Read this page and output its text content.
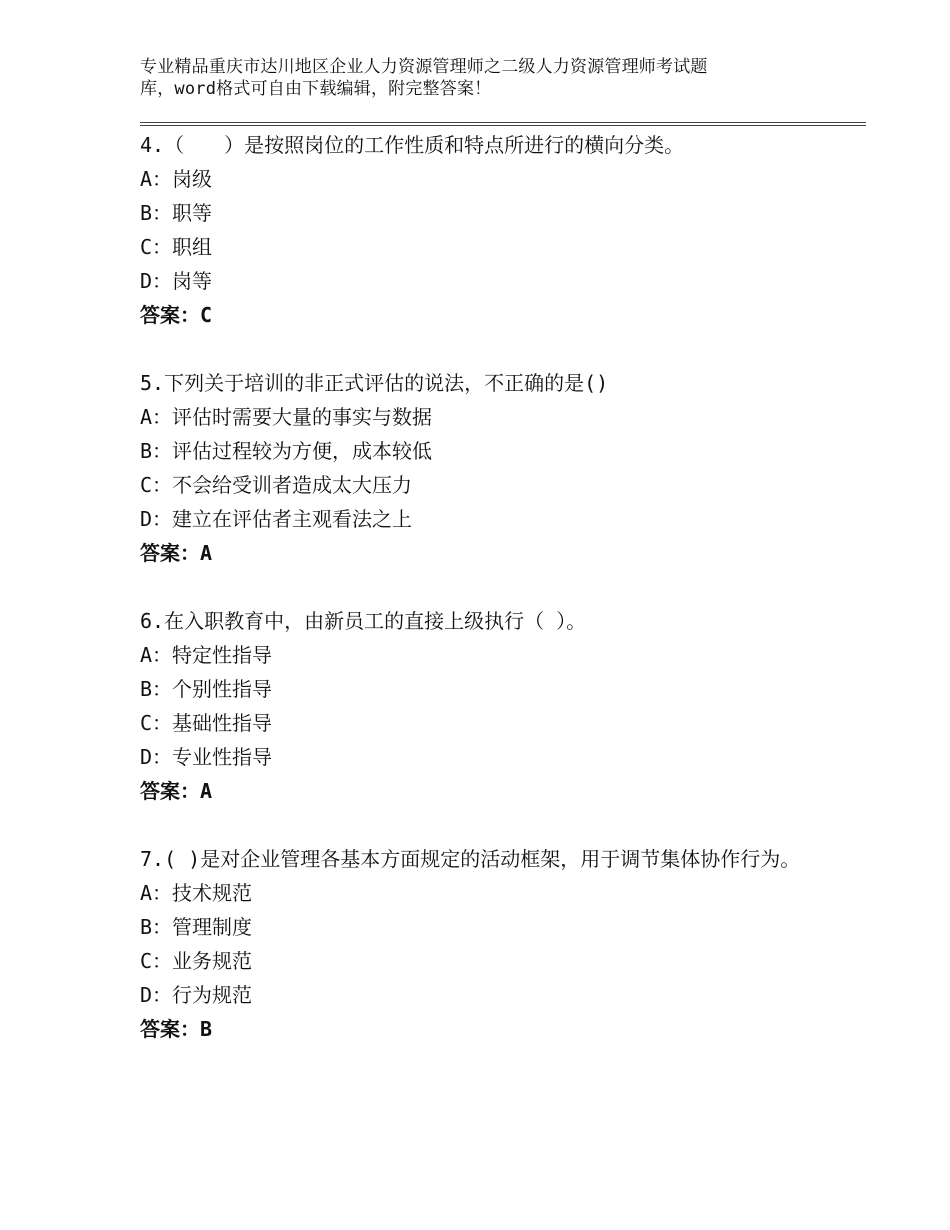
专业精品重庆市达川地区企业人力资源管理师之二级人力资源管理师考试题
库，word格式可自由下载编辑，附完整答案！
4.（　　）是按照岗位的工作性质和特点所进行的横向分类。
A：岗级
B：职等
C：职组
D：岗等
答案：C
5.下列关于培训的非正式评估的说法，不正确的是()
A：评估时需要大量的事实与数据
B：评估过程较为方便，成本较低
C：不会给受训者造成太大压力
D：建立在评估者主观看法之上
答案：A
6.在入职教育中，由新员工的直接上级执行（ ）。
A：特定性指导
B：个别性指导
C：基础性指导
D：专业性指导
答案：A
7.( )是对企业管理各基本方面规定的活动框架，用于调节集体协作行为。
A：技术规范
B：管理制度
C：业务规范
D：行为规范
答案：B
